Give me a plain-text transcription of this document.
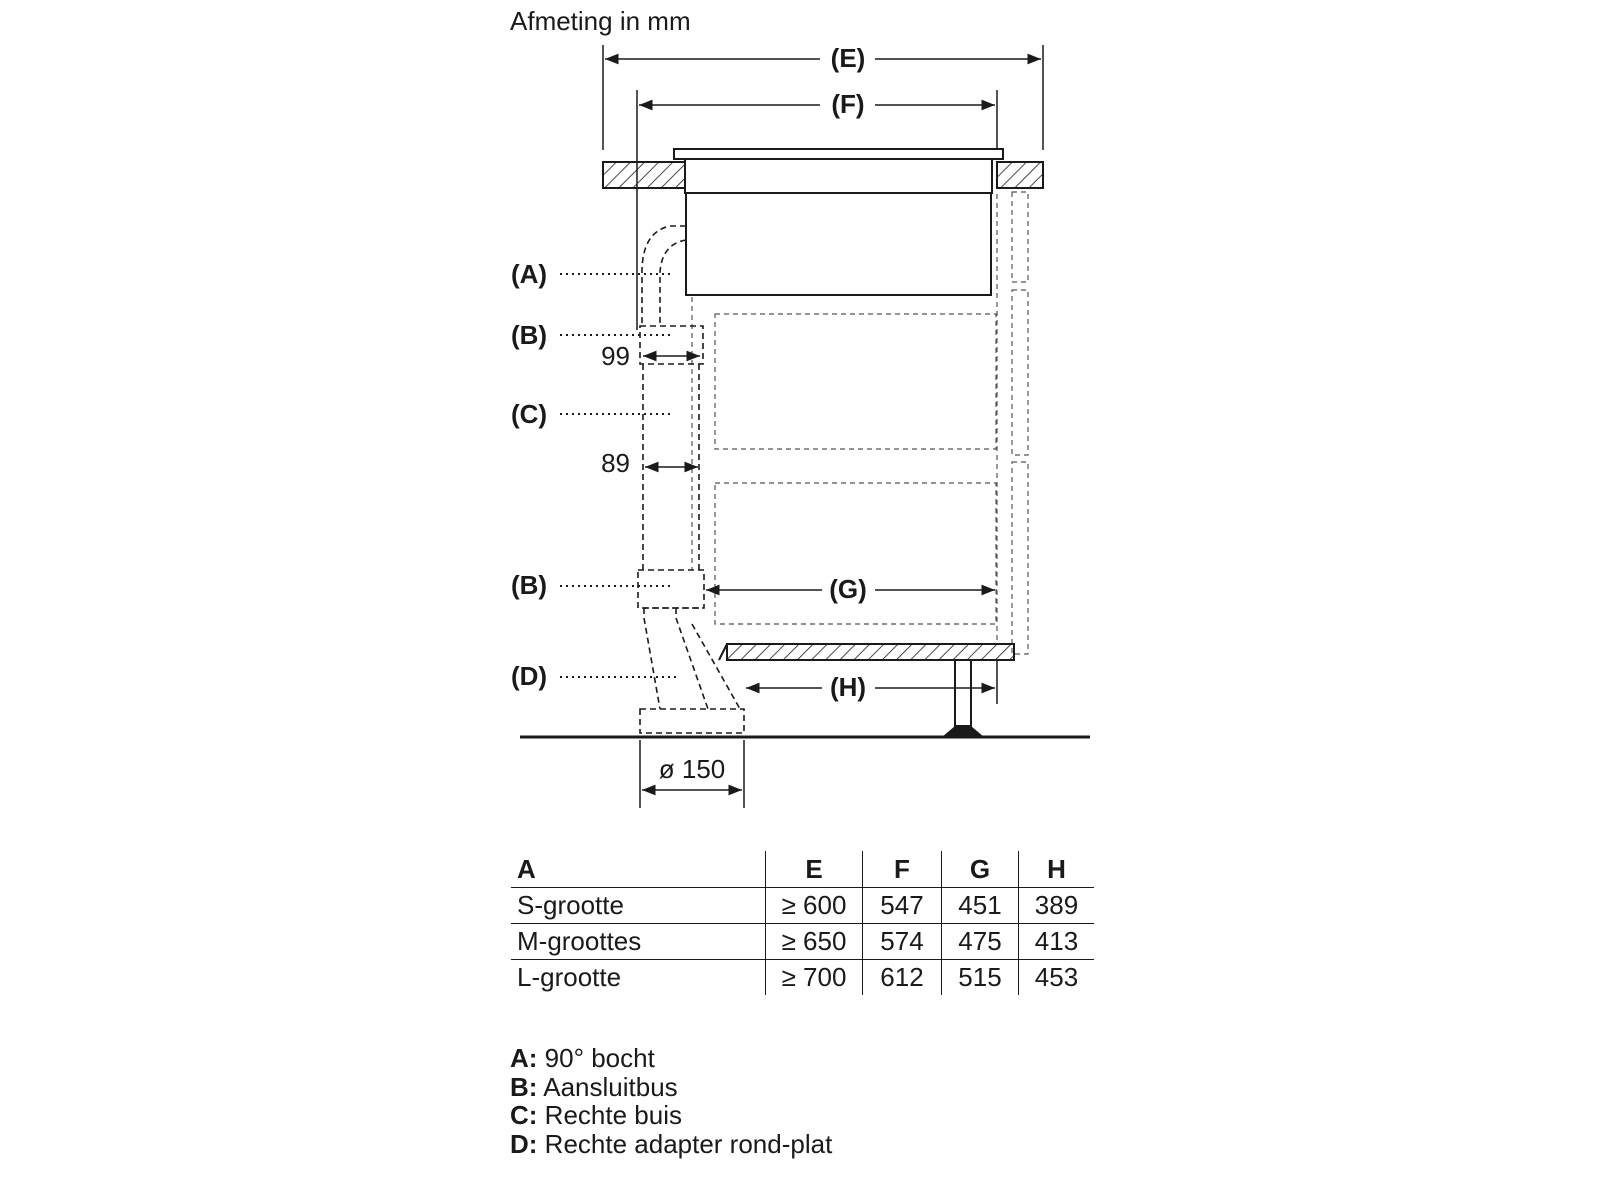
Afmeting in mm
(E)
(F)
99
89
(G)
(H)
ø 150
(A)
(B)
(C)
(B)
(D)
A	E	F	G	H
S-grootte	≥ 600	547	451	389
M-groottes	≥ 650	574	475	413
L-grootte	≥ 700	612	515	453
A: 90° bocht
B: Aansluitbus
C: Rechte buis
D: Rechte adapter rond-plat
